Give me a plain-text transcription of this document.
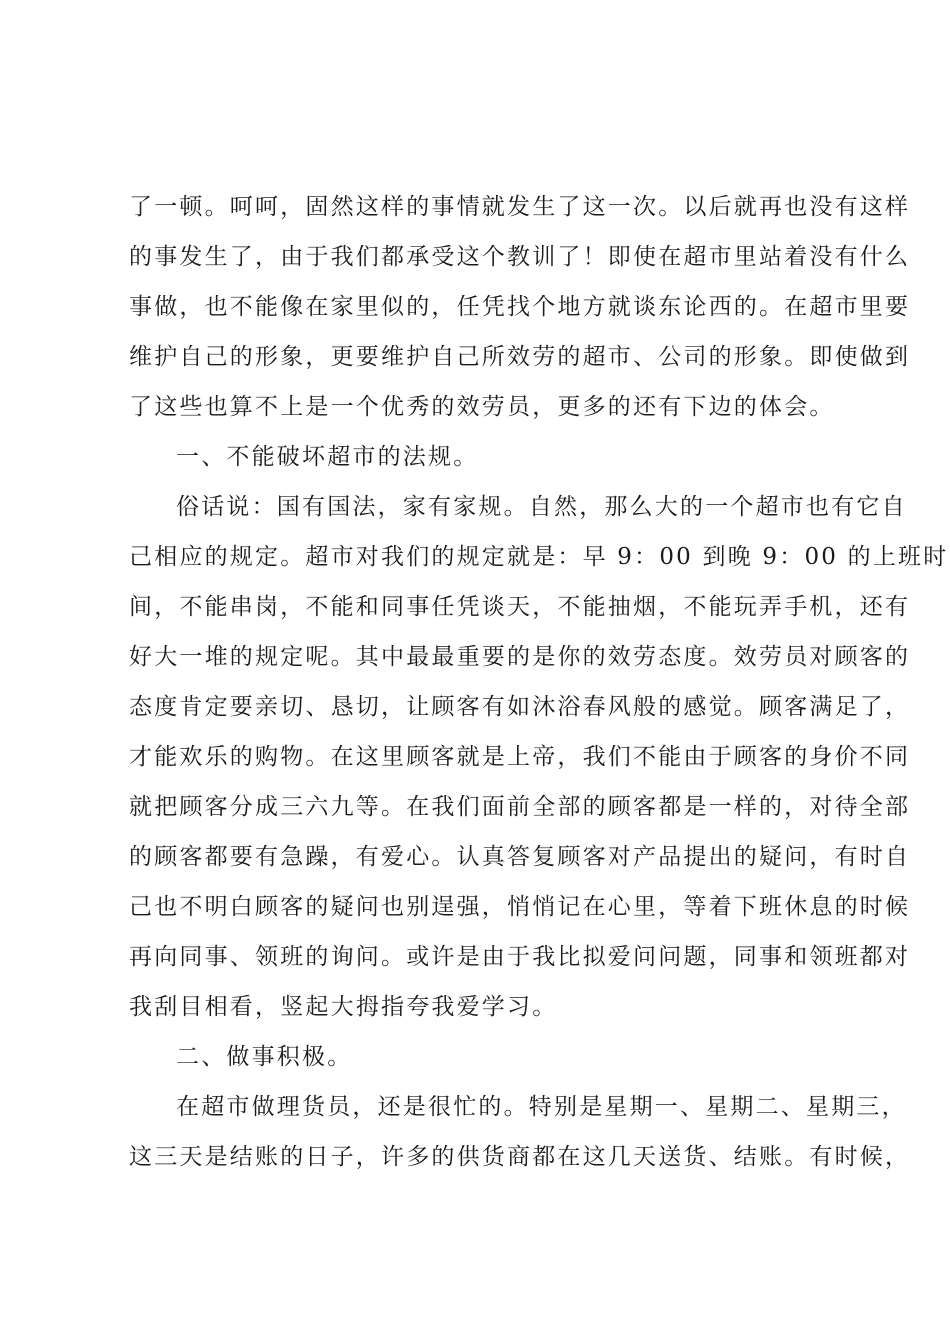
了一顿。呵呵，固然这样的事情就发生了这一次。以后就再也没有这样
的事发生了，由于我们都承受这个教训了！即使在超市里站着没有什么
事做，也不能像在家里似的，任凭找个地方就谈东论西的。在超市里要
维护自己的形象，更要维护自己所效劳的超市、公司的形象。即使做到
了这些也算不上是一个优秀的效劳员，更多的还有下边的体会。
一、不能破坏超市的法规。
俗话说：国有国法，家有家规。自然，那么大的一个超市也有它自
己相应的规定。超市对我们的规定就是：早 9：00 到晚 9：00 的上班时
间，不能串岗，不能和同事任凭谈天，不能抽烟，不能玩弄手机，还有
好大一堆的规定呢。其中最最重要的是你的效劳态度。效劳员对顾客的
态度肯定要亲切、恳切，让顾客有如沐浴春风般的感觉。顾客满足了，
才能欢乐的购物。在这里顾客就是上帝，我们不能由于顾客的身价不同
就把顾客分成三六九等。在我们面前全部的顾客都是一样的，对待全部
的顾客都要有急躁，有爱心。认真答复顾客对产品提出的疑问，有时自
己也不明白顾客的疑问也别逞强，悄悄记在心里，等着下班休息的时候
再向同事、领班的询问。或许是由于我比拟爱问问题，同事和领班都对
我刮目相看，竖起大拇指夸我爱学习。
二、做事积极。
在超市做理货员，还是很忙的。特别是星期一、星期二、星期三，
这三天是结账的日子，许多的供货商都在这几天送货、结账。有时候，
